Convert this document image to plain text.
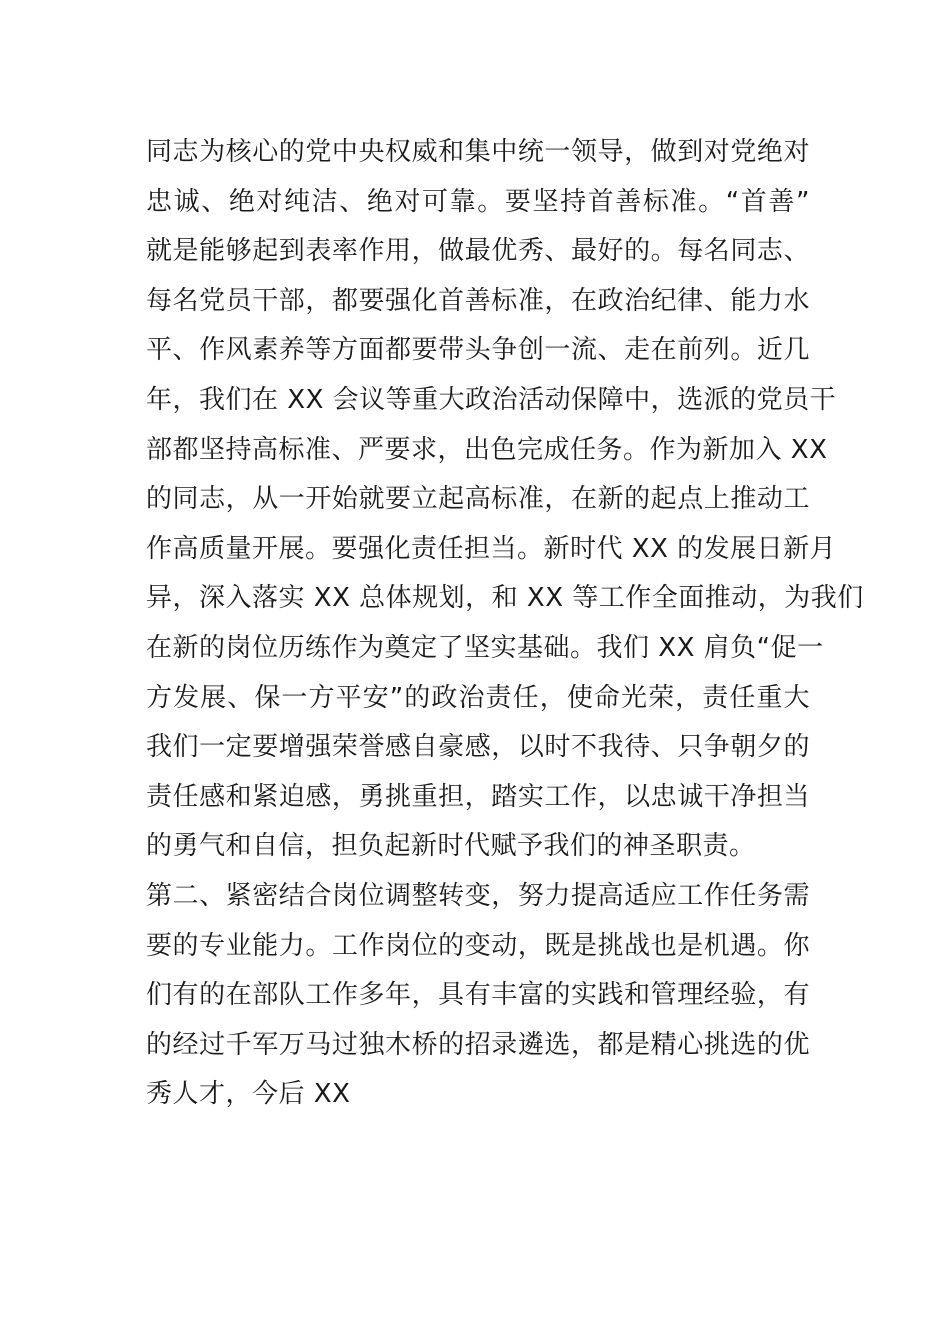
同志为核心的党中央权威和集中统一领导，做到对党绝对
忠诚、绝对纯洁、绝对可靠。要坚持首善标准。“首善”
就是能够起到表率作用，做最优秀、最好的。每名同志、
每名党员干部，都要强化首善标准，在政治纪律、能力水
平、作风素养等方面都要带头争创一流、走在前列。近几
年，我们在 XX 会议等重大政治活动保障中，选派的党员干
部都坚持高标准、严要求，出色完成任务。作为新加入 XX
的同志，从一开始就要立起高标准，在新的起点上推动工
作高质量开展。要强化责任担当。新时代 XX 的发展日新月
异，深入落实 XX 总体规划，和 XX 等工作全面推动，为我们
在新的岗位历练作为奠定了坚实基础。我们 XX 肩负“促一
方发展、保一方平安”的政治责任，使命光荣，责任重大
我们一定要增强荣誉感自豪感，以时不我待、只争朝夕的
责任感和紧迫感，勇挑重担，踏实工作，以忠诚干净担当
的勇气和自信，担负起新时代赋予我们的神圣职责。
第二、紧密结合岗位调整转变，努力提高适应工作任务需
要的专业能力。工作岗位的变动，既是挑战也是机遇。你
们有的在部队工作多年，具有丰富的实践和管理经验，有
的经过千军万马过独木桥的招录遴选，都是精心挑选的优
秀人才，今后 XX
